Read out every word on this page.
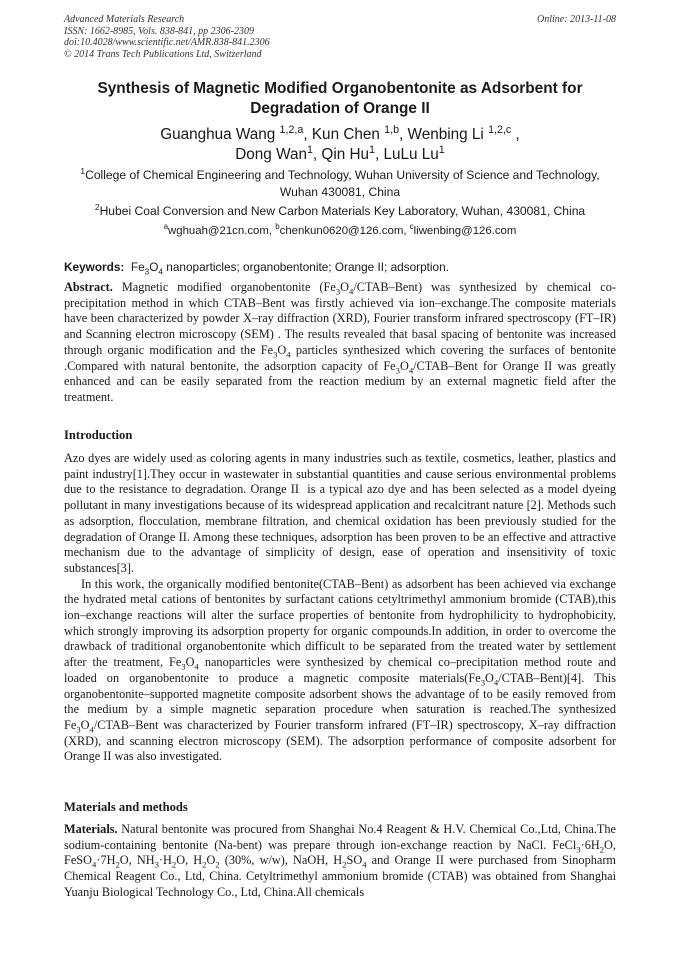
Advanced Materials Research
ISSN: 1662-8985, Vols. 838-841, pp 2306-2309
doi:10.4028/www.scientific.net/AMR.838-841.2306
© 2014 Trans Tech Publications Ltd, Switzerland
Online: 2013-11-08
Synthesis of Magnetic Modified Organobentonite as Adsorbent for
Degradation of Orange II
Guanghua Wang $^{1,2,a}$, Kun Chen $^{1,b}$, Wenbing Li $^{1,2,c}$ ,
Dong Wan$^1$, Qin Hu$^1$, LuLu Lu$^1$
$^1$College of Chemical Engineering and Technology, Wuhan University of Science and Technology,
Wuhan 430081, China
$^2$Hubei Coal Conversion and New Carbon Materials Key Laboratory, Wuhan, 430081, China
$^a$wghuah@21cn.com, $^b$chenkun0620@126.com, $^c$liwenbing@126.com
Keywords:  $Fe_3O_4$ nanoparticles; organobentonite; Orange II; adsorption.
Abstract. Magnetic modified organobentonite $(Fe_3O_4/CTAB-Bent)$ was synthesized by chemical co-precipitation method in which CTAB–Bent was firstly achieved via ion–exchange.The composite materials have been characterized by powder X–ray diffraction (XRD), Fourier transform infrared spectroscopy (FT–IR) and Scanning electron microscopy (SEM) . The results revealed that basal spacing of bentonite was increased through organic modification and the $Fe_3O_4$ particles synthesized which covering the surfaces of bentonite .Compared with natural bentonite, the adsorption capacity of $Fe_3O_4/CTAB$–Bent for Orange II was greatly enhanced and can be easily separated from the reaction medium by an external magnetic field after the treatment.
Introduction
Azo dyes are widely used as coloring agents in many industries such as textile, cosmetics, leather, plastics and paint industry[1].They occur in wastewater in substantial quantities and cause serious environmental problems due to the resistance to degradation. Orange II  is a typical azo dye and has been selected as a model dyeing pollutant in many investigations because of its widespread application and recalcitrant nature [2]. Methods such as adsorption, flocculation, membrane filtration, and chemical oxidation has been previously studied for the degradation of Orange II. Among these techniques, adsorption has been proven to be an effective and attractive mechanism due to the advantage of simplicity of design, ease of operation and insensitivity of toxic substances[3].
In this work, the organically modified bentonite(CTAB–Bent) as adsorbent has been achieved via exchange the hydrated metal cations of bentonites by surfactant cations cetyltrimethyl ammonium bromide (CTAB),this ion–exchange reactions will alter the surface properties of bentonite from hydrophilicity to hydrophobicity, which strongly improving its adsorption property for organic compounds.In addition, in order to overcome the drawback of traditional organobentonite which difficult to be separated from the treated water by settlement after the treatment, $Fe_3O_4$ nanoparticles were synthesized by chemical co–precipitation method route and loaded on organobentonite to produce a magnetic composite $materials(Fe_3O_4/CTAB-Bent)[4]$. This organobentonite–supported magnetite composite adsorbent shows the advantage of to be easily removed from the medium by a simple magnetic separation procedure when saturation is reached.The synthesized $Fe_3O_4/CTAB$–Bent was characterized by Fourier transform infrared (FT–IR) spectroscopy, X–ray diffraction (XRD), and scanning electron microscopy (SEM). The adsorption performance of composite adsorbent for Orange II was also investigated.
Materials and methods
Materials. Natural bentonite was procured from Shanghai No.4 Reagent & H.V. Chemical Co.,Ltd, China.The sodium-containing bentonite (Na-bent) was prepare through ion-exchange reaction by NaCl. $FeCl_3\cdot 6H_2O$, $FeSO_4\cdot 7H_2O$, $NH_3\cdot H_2O$, $H_2O_2$ (30%, w/w), NaOH, $H_2SO_4$ and Orange II were purchased from Sinopharm Chemical Reagent Co., Ltd, China. Cetyltrimethyl ammonium bromide (CTAB) was obtained from Shanghai Yuanju Biological Technology Co., Ltd, China.All chemicals
